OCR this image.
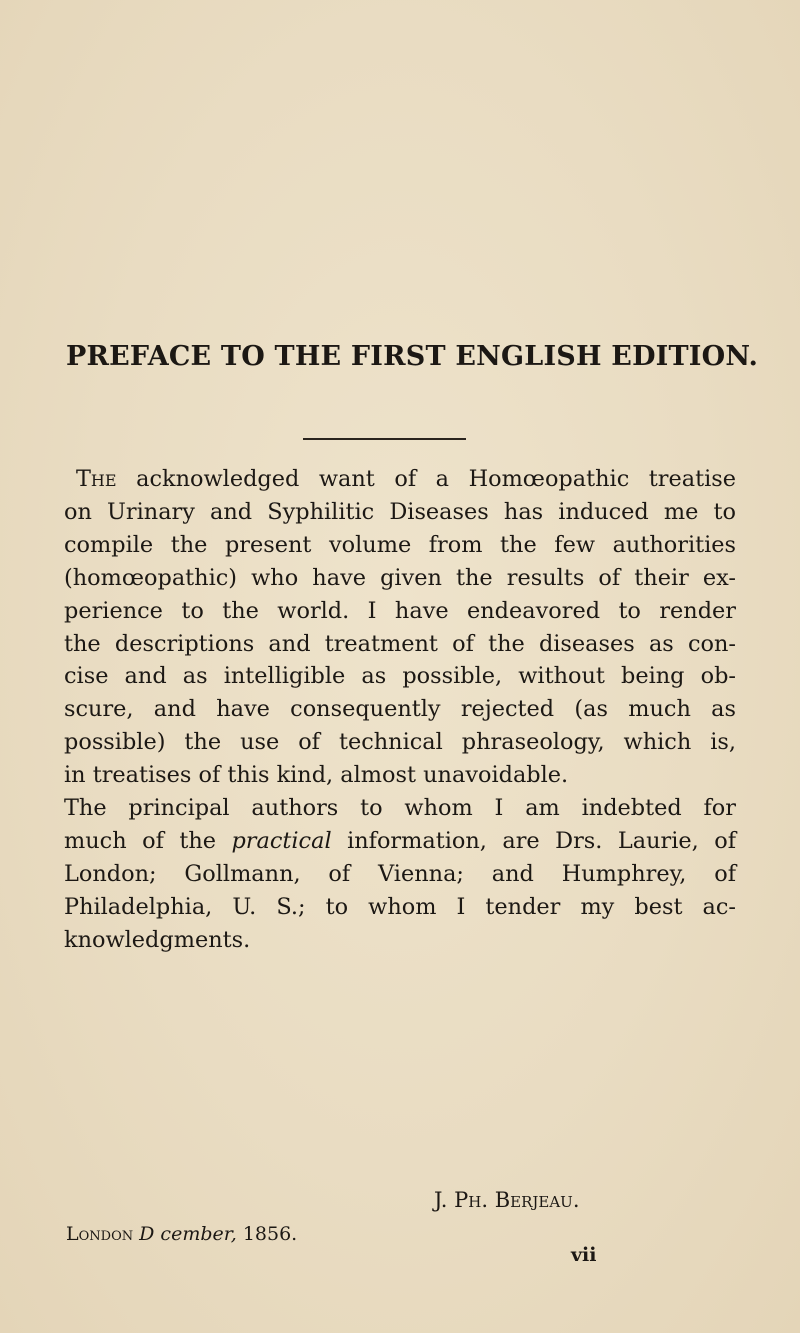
PREFACE TO THE FIRST ENGLISH EDITION.
The acknowledged want of a Homœopathic treatise
on Urinary and Syphilitic Diseases has induced me to
compile the present volume from the few authorities
(homœopathic) who have given the results of their ex-
perience to the world. I have endeavored to render
the descriptions and treatment of the diseases as con-
cise and as intelligible as possible, without being ob-
scure, and have consequently rejected (as much as
possible) the use of technical phraseology, which is,
in treatises of this kind, almost unavoidable.
The principal authors to whom I am indebted for
much of the practical information, are Drs. Laurie, of
London; Gollmann, of Vienna; and Humphrey, of
Philadelphia, U. S.; to whom I tender my best ac-
knowledgments.
J. Ph. Berjeau.
London D cember, 1856.
vii
